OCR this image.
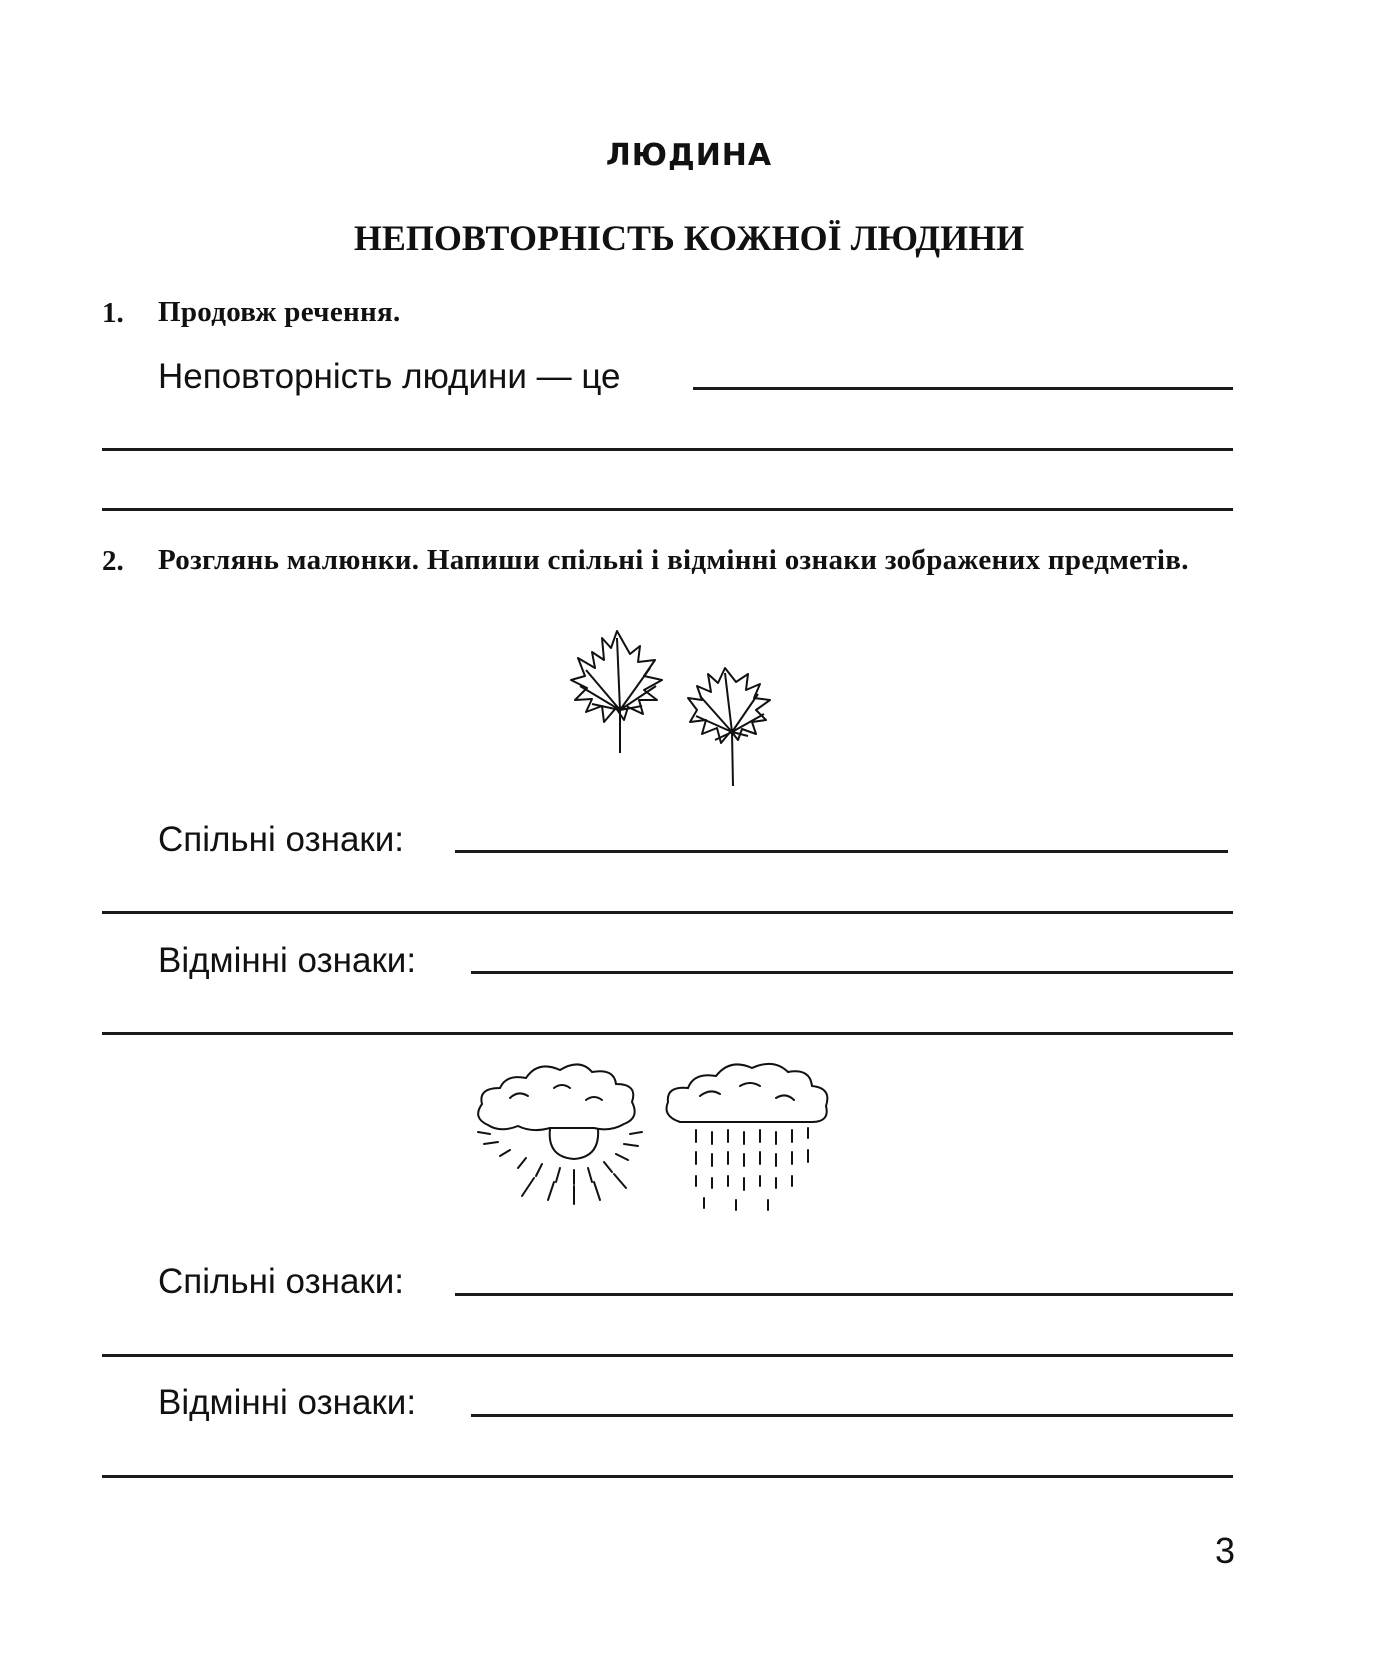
ЛЮДИНА
НЕПОВТОРНІСТЬ КОЖНОЇ ЛЮДИНИ
1. Продовж речення.
Неповторність людини — це
2. Розглянь малюнки. Напиши спільні і відмінні ознаки зображених предметів.
Спільні ознаки:
Відмінні ознаки:
Спільні ознаки:
Відмінні ознаки:
3
